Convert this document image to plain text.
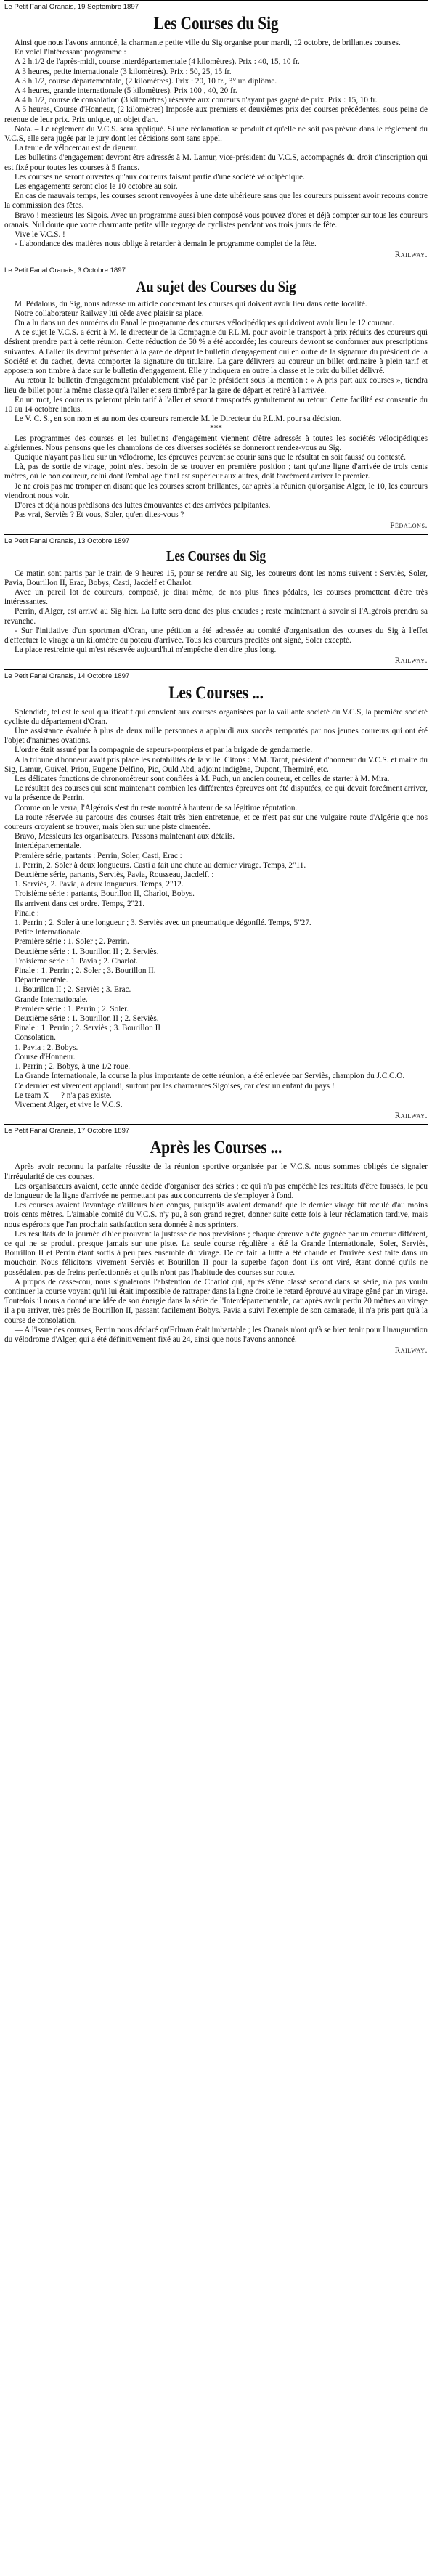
Le Petit Fanal Oranais, 19 Septembre 1897
Les Courses du Sig

Ainsi que nous l'avons annoncé, la charmante petite ville du Sig organise pour mardi, 12 octobre, de brillantes courses.

En voici l'intéressant programme :

A 2 h.1/2 de l'après-midi, course interdépartementale (4 kilomètres). Prix : 40, 15, 10 fr.

A 3 heures, petite internationale (3 kilomètres). Prix : 50, 25, 15 fr.

A 3 h.1/2, course départementale, (2 kilomètres). Prix : 20, 10 fr., 3° un diplôme.

A 4 heures, grande internationale (5 kilomètres). Prix 100 , 40, 20 fr.

A 4 h.1/2, course de consolation (3 kilomètres) réservée aux coureurs n'ayant pas gagné de prix. Prix : 15, 10 fr.

A 5 heures, Course d'Honneur, (2 kilomètres) Imposée aux premiers et deuxièmes prix des courses précédentes, sous peine de retenue de leur prix. Prix unique, un objet d'art.

Nota. – Le règlement du V.C.S. sera appliqué. Si une réclamation se produit et qu'elle ne soit pas prévue dans le règlement du V.C.S, elle sera jugée par le jury dont les décisions sont sans appel.

La tenue de vélocemau est de rigueur.

Les bulletins d'engagement devront être adressés à M. Lamur, vice-président du V.C.S, accompagnés du droit d'inscription qui est fixé pour toutes les courses à 5 francs.

Les courses ne seront ouvertes qu'aux coureurs faisant partie d'une société vélocipédique.

Les engagements seront clos le 10 octobre au soir.

En cas de mauvais temps, les courses seront renvoyées à une date ultérieure sans que les coureurs puissent avoir recours contre la commission des fêtes.

Bravo ! messieurs les Sigois. Avec un programme aussi bien composé vous pouvez d'ores et déjà compter sur tous les coureurs oranais. Nul doute que votre charmante petite ville regorge de cyclistes pendant vos trois jours de fête.

Vive le V.C.S. !

- L'abondance des matières nous oblige à retarder à demain le programme complet de la fête.

Railway.

Le Petit Fanal Oranais, 3 Octobre 1897
Au sujet des Courses du Sig

M. Pédalous, du Sig, nous adresse un article concernant les courses qui doivent avoir lieu dans cette localité.

Notre collaborateur Railway lui cède avec plaisir sa place.

On a lu dans un des numéros du Fanal le programme des courses vélocipédiques qui doivent avoir lieu le 12 courant.

A ce sujet le V.C.S. a écrit à M. le directeur de la Compagnie du P.L.M. pour avoir le transport à prix réduits des coureurs qui désirent prendre part à cette réunion. Cette réduction de 50 % a été accordée; les coureurs devront se conformer aux prescriptions suivantes. A l'aller ils devront présenter à la gare de départ le bulletin d'engagement qui en outre de la signature du président de la Société et du cachet, devra comporter la signature du titulaire. La gare délivrera au coureur un billet ordinaire à plein tarif et apposera son timbre à date sur le bulletin d'engagement. Elle y indiquera en outre la classe et le prix du billet délivré.

Au retour le bulletin d'engagement préalablement visé par le président sous la mention : « A pris part aux courses », tiendra lieu de billet pour la même classe qu'à l'aller et sera timbré par la gare de départ et retiré à l'arrivée.

En un mot, les coureurs paieront plein tarif à l'aller et seront transportés gratuitement au retour. Cette facilité est consentie du 10 au 14 octobre inclus.

Le V. C. S., en son nom et au nom des coureurs remercie M. le Directeur du P.L.M. pour sa décision.

***

Les programmes des courses et les bulletins d'engagement viennent d'être adressés à toutes les sociétés vélocipédiques algériennes. Nous pensons que les champions de ces diverses sociétés se donneront rendez-vous au Sig.

Quoique n'ayant pas lieu sur un vélodrome, les épreuves peuvent se courir sans que le résultat en soit faussé ou contesté.

Là, pas de sortie de virage, point n'est besoin de se trouver en première position ; tant qu'une ligne d'arrivée de trois cents mètres, où le bon coureur, celui dont l'emballage final est supérieur aux autres, doit forcément arriver le premier.

Je ne crois pas me tromper en disant que les courses seront brillantes, car après la réunion qu'organise Alger, le 10, les coureurs viendront nous voir.

D'ores et déjà nous prédisons des luttes émouvantes et des arrivées palpitantes.

Pas vrai, Serviès ? Et vous, Soler, qu'en dites-vous ?

Pédalons.

Le Petit Fanal Oranais, 13 Octobre 1897
Les Courses du Sig

Ce matin sont partis par le train de 9 heures 15, pour se rendre au Sig, les coureurs dont les noms suivent : Serviès, Soler, Pavia, Bourillon II, Erac, Bobys, Casti, Jacdelf et Charlot.

Avec un pareil lot de coureurs, composé, je dirai même, de nos plus fines pédales, les courses promettent d'être très intéressantes.

Perrin, d'Alger, est arrivé au Sig hier. La lutte sera donc des plus chaudes ; reste maintenant à savoir si l'Algérois prendra sa revanche.

- Sur l'initiative d'un sportman d'Oran, une pétition a été adressée au comité d'organisation des courses du Sig à l'effet d'effectuer le virage à un kilomètre du poteau d'arrivée. Tous les coureurs précités ont signé, Soler excepté.

La place restreinte qui m'est réservée aujourd'hui m'empêche d'en dire plus long.

Railway.

Le Petit Fanal Oranais, 14 Octobre 1897
Les Courses ...

Splendide, tel est le seul qualificatif qui convient aux courses organisées par la vaillante société du V.C.S, la première société cycliste du département d'Oran.

Une assistance évaluée à plus de deux mille personnes a applaudi aux succès remportés par nos jeunes coureurs qui ont été l'objet d'nanimes ovations.

L'ordre était assuré par la compagnie de sapeurs-pompiers et par la brigade de gendarmerie.

A la tribune d'honneur avait pris place les notabilités de la ville. Citons : MM. Tarot, président d'honneur du V.C.S. et maire du Sig, Lamur, Guivel, Priou, Eugene Delfino, Pic, Ould Abd, adjoint indigène, Dupont, Thermiré, etc.

Les délicates fonctions de chronométreur sont confiées à M. Puch, un ancien coureur, et celles de starter à M. Mira.

Le résultat des courses qui sont maintenant combien les différentes épreuves ont été disputées, ce qui devait forcément arriver, vu la présence de Perrin.

Comme on le verra, l'Algérois s'est du reste montré à hauteur de sa légitime réputation.

La route réservée au parcours des courses était très bien entretenue, et ce n'est pas sur une vulgaire route d'Algérie que nos coureurs croyaient se trouver, mais bien sur une piste cimentée.

Bravo, Messieurs les organisateurs. Passons maintenant aux détails.

Interdépartementale.

Première série, partants : Perrin, Soler, Casti, Erac :

1. Perrin, 2. Soler à deux longueurs. Casti a fait une chute au dernier virage. Temps, 2"11.

Deuxième série, partants, Serviès, Pavia, Rousseau, Jacdelf. :

1. Serviès, 2. Pavia, à deux longueurs. Temps, 2"12.

Troisième série : partants, Bourillon II, Charlot, Bobys.

Ils arrivent dans cet ordre. Temps, 2"21.

Finale :

1. Perrin ; 2. Soler à une longueur ; 3. Serviès avec un pneumatique dégonflé. Temps, 5"27.

Petite Internationale.

Première série : 1. Soler ; 2. Perrin.

Deuxième série : 1. Bourillon II ; 2. Serviès.

Troisième série : 1. Pavia ; 2. Charlot.

Finale : 1. Perrin ; 2. Soler ; 3. Bourillon II.

Départementale.

1. Bourillon II ; 2. Serviès ; 3. Erac.

Grande Internationale.

Première série : 1. Perrin ; 2. Soler.

Deuxième série : 1. Bourillon II ; 2. Serviès.

Finale : 1. Perrin ; 2. Serviès ; 3. Bourillon II

Consolation.

1. Pavia ; 2. Bobys.

Course d'Honneur.

1. Perrin ; 2. Bobys, à une 1/2 roue.

La Grande Internationale, la course la plus importante de cette réunion, a été enlevée par Serviès, champion du J.C.C.O.

Ce dernier est vivement applaudi, surtout par les charmantes Sigoises, car c'est un enfant du pays !

Le team X — ? n'a pas existe.

Vivement Alger, et vive le V.C.S.

Railway.

Le Petit Fanal Oranais, 17 Octobre 1897
Après les Courses ...

Après avoir reconnu la parfaite réussite de la réunion sportive organisée par le V.C.S. nous sommes obligés de signaler l'irrégularité de ces courses.

Les organisateurs avaient, cette année décidé d'organiser des séries ; ce qui n'a pas empêché les résultats d'être faussés, le peu de longueur de la ligne d'arrivée ne permettant pas aux concurrents de s'employer à fond.

Les courses avaient l'avantage d'ailleurs bien conçus, puisqu'ils avaient demandé que le dernier virage fût reculé d'au moins trois cents mètres. L'aimable comité du V.C.S. n'y pu, à son grand regret, donner suite cette fois à leur réclamation tardive, mais nous espérons que l'an prochain satisfaction sera donnée à nos sprinters.

Les résultats de la journée d'hier prouvent la justesse de nos prévisions ; chaque épreuve a été gagnée par un coureur différent, ce qui ne se produit presque jamais sur une piste. La seule course régulière a été la Grande Internationale, Soler, Serviès, Bourillon II et Perrin étant sortis à peu près ensemble du virage. De ce fait la lutte a été chaude et l'arrivée s'est faite dans un mouchoir. Nous félicitons vivement Serviès et Bourillon II pour la superbe façon dont ils ont viré, étant donné qu'ils ne possédaient pas de freins perfectionnés et qu'ils n'ont pas l'habitude des courses sur route.

A propos de casse-cou, nous signalerons l'abstention de Charlot qui, après s'être classé second dans sa série, n'a pas voulu continuer la course voyant qu'il lui était impossible de rattraper dans la ligne droite le retard éprouvé au virage gêné par un virage. Toutefois il nous a donné une idée de son énergie dans la série de l'Interdépartementale, car après avoir perdu 20 mètres au virage il a pu arriver, très près de Bourillon II, passant facilement Bobys. Pavia a suivi l'exemple de son camarade, il n'a pris part qu'à la course de consolation.

— A l'issue des courses, Perrin nous déclaré qu'Erlman était imbattable ; les Oranais n'ont qu'à se bien tenir pour l'inauguration du vélodrome d'Alger, qui a été définitivement fixé au 24, ainsi que nous l'avons annoncé.

Railway.
